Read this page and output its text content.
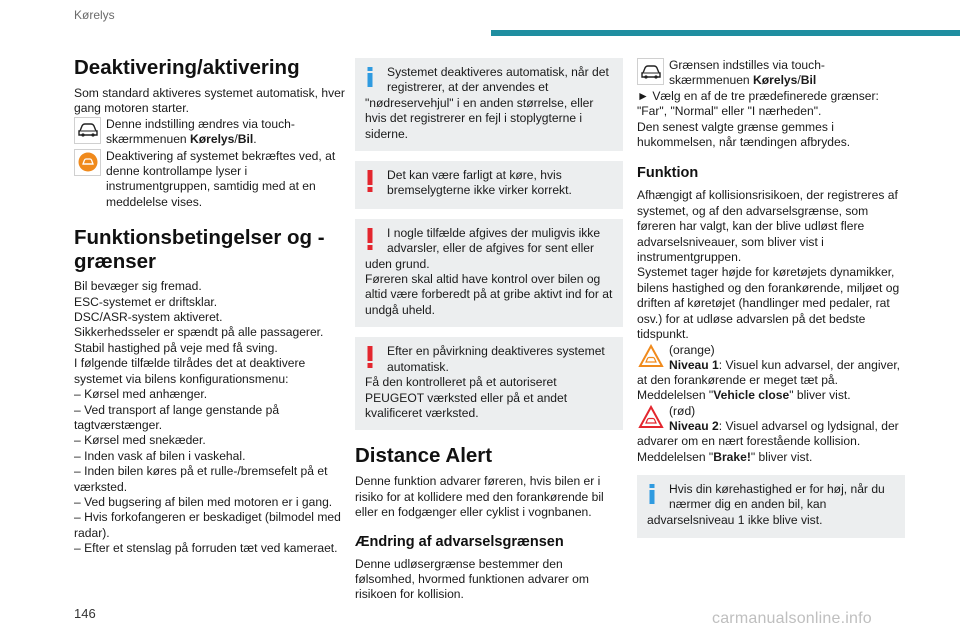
Kørelys
Deaktivering/aktivering
Som standard aktiveres systemet automatisk, hver gang motoren starter.
Denne indstilling ændres via touch-skærmmenuen Kørelys/Bil.
Deaktivering af systemet bekræftes ved, at denne kontrollampe lyser i instrumentgruppen, samtidig med at en meddelelse vises.
Funktionsbetingelser og -grænser
Bil bevæger sig fremad.
ESC-systemet er driftsklar.
DSC/ASR-system aktiveret.
Sikkerhedsseler er spændt på alle passagerer.
Stabil hastighed på veje med få sving.
I følgende tilfælde tilrådes det at deaktivere systemet via bilens konfigurationsmenu:
– Kørsel med anhænger.
– Ved transport af lange genstande på tagtværstænger.
– Kørsel med snekæder.
– Inden vask af bilen i vaskehal.
– Inden bilen køres på et rulle-/bremsefelt på et værksted.
– Ved bugsering af bilen med motoren er i gang.
– Hvis forkofangeren er beskadiget (bilmodel med radar).
– Efter et stenslag på forruden tæt ved kameraet.
Systemet deaktiveres automatisk, når det registrerer, at der anvendes et
"nødreservehjul" i en anden størrelse, eller hvis det registrerer en fejl i stoplygterne i siderne.
Det kan være farligt at køre, hvis bremselygterne ikke virker korrekt.
I nogle tilfælde afgives der muligvis ikke advarsler, eller de afgives for sent eller
uden grund.
Føreren skal altid have kontrol over bilen og altid være forberedt på at gribe aktivt ind for at undgå uheld.
Efter en påvirkning deaktiveres systemet automatisk.
Få den kontrolleret på et autoriseret PEUGEOT værksted eller på et andet kvalificeret værksted.
Distance Alert
Denne funktion advarer føreren, hvis bilen er i risiko for at kollidere med den forankørende bil eller en fodgænger eller cyklist i vognbanen.
Ændring af advarselsgrænsen
Denne udløsergrænse bestemmer den følsomhed, hvormed funktionen advarer om risikoen for kollision.
Grænsen indstilles via touch-skærmmenuen Kørelys/Bil
► Vælg en af de tre prædefinerede grænser: "Far", "Normal" eller "I nærheden".
Den senest valgte grænse gemmes i hukommelsen, når tændingen afbrydes.
Funktion
Afhængigt af kollisionsrisikoen, der registreres af systemet, og af den advarselsgrænse, som føreren har valgt, kan der blive udløst flere advarselsniveauer, som bliver vist i instrumentgruppen.
Systemet tager højde for køretøjets dynamikker, bilens hastighed og den forankørende, miljøet og driften af køretøjet (handlinger med pedaler, rat osv.) for at udløse advarslen på det bedste tidspunkt.
(orange)
Niveau 1: Visuel kun advarsel, der angiver, at den forankørende er meget tæt på.
Meddelelsen "Vehicle close" bliver vist.
(rød)
Niveau 2: Visuel advarsel og lydsignal, der advarer om en nært forestående kollision.
Meddelelsen "Brake!" bliver vist.
Hvis din kørehastighed er for høj, når du nærmer dig en anden bil, kan
advarselsniveau 1 ikke blive vist.
146	carmanualsonline.info
